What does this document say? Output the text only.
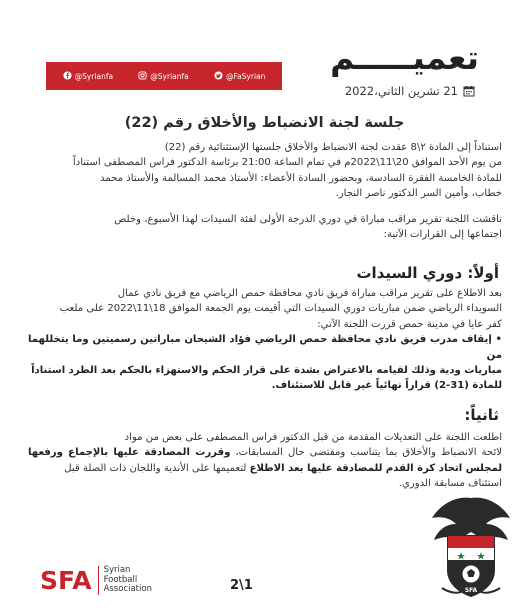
@Syrianfa	@Syrianfa	@FaSyrian تعميـــــم
21 تشرين الثاني،2022
جلسة لجنة الانضباط والأخلاق رقم (22)

استناداً إلى المادة ٢\8 عقدت لجنة الانضباط والأخلاق جلستها الإستثنائية رقم (22)

من يوم الأحد الموافق 20\11\2022م في تمام الساعة 21:00 برئاسة الدكتور فراس المصطفى استناداً

للمادة الخامسة الفقرة السادسة، وبحضور السادة الأعضاء: الأستاذ محمد المسالمة والأستاذ محمد

خطاب، وأمين السر الدكتور ناصر النجار.

ناقشت اللجنة تقرير مراقب مباراة في دوري الدرجة الأولى لفئة السيدات لهذا الأسبوع، وخلص

اجتماعها إلى القرارات الآتية:

أولاً: دوري السيدات

بعد الاطلاع على تقرير مراقب مباراة فريق نادي محافظة حمص الرياضي مع فريق نادي عمال

السويداء الرياضي ضمن مباريات دوري السيدات التي أقيمت يوم الجمعة الموافق 18\11\2022 على ملعب

كفر عايا في مدينة حمص قررت اللجنة الآتي:

• إيقاف مدرب فريق نادي محافظة حمص الرياضي فؤاد الشيحان مباراتين رسميتين وما يتخللهما من

مباريات ودية وذلك لقيامه بالاعتراض بشدة على قرار الحكم والاستهزاء بالحكم بعد الطرد استناداً

للمادة (31-2) قراراً نهائياً غير قابل للاستئناف.

ثانياً:

اطلعت اللجنة على التعديلات المقدمة من قبل الدكتور فراس المصطفى على بعض من مواد

لائحة الانضباط والأخلاق بما يتناسب ومقتضى حال المسابقات، وقررت المصادقة عليها بالإجماع ورفعها لمجلس اتحاد كرة القدم للمصادقة عليها بعد الاطلاع لتعميمها على الأندية واللجان ذات الصلة قبل

استئناف مسابقة الدوري.

SFA	Syrian
Football
Association	2\1	SFA
